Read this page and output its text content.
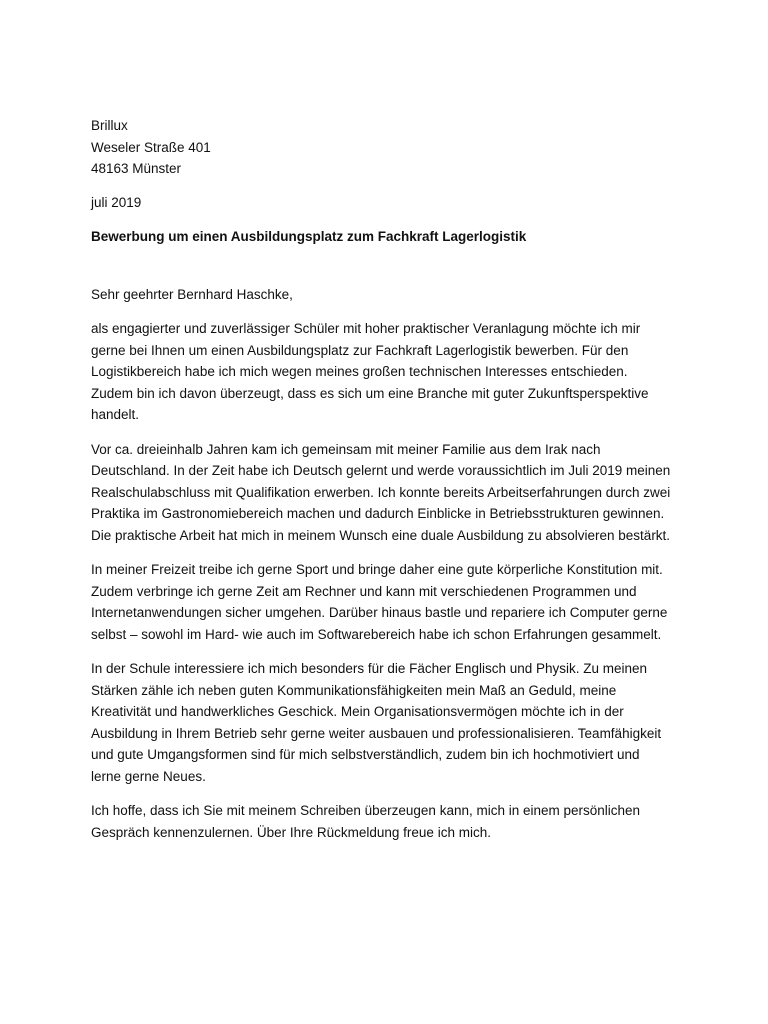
Brillux
Weseler Straße 401
48163 Münster
juli 2019
Bewerbung um einen Ausbildungsplatz zum Fachkraft Lagerlogistik
Sehr geehrter Bernhard Haschke,

als engagierter und zuverlässiger Schüler mit hoher praktischer Veranlagung möchte ich mir gerne bei Ihnen um einen Ausbildungsplatz zur Fachkraft Lagerlogistik bewerben. Für den Logistikbereich habe ich mich wegen meines großen technischen Interesses entschieden. Zudem bin ich davon überzeugt, dass es sich um eine Branche mit guter Zukunftsperspektive handelt.

Vor ca. dreieinhalb Jahren kam ich gemeinsam mit meiner Familie aus dem Irak nach Deutschland. In der Zeit habe ich Deutsch gelernt und werde voraussichtlich im Juli 2019 meinen Realschulabschluss mit Qualifikation erwerben. Ich konnte bereits Arbeitserfahrungen durch zwei Praktika im Gastronomiebereich machen und dadurch Einblicke in Betriebsstrukturen gewinnen. Die praktische Arbeit hat mich in meinem Wunsch eine duale Ausbildung zu absolvieren bestärkt.

In meiner Freizeit treibe ich gerne Sport und bringe daher eine gute körperliche Konstitution mit. Zudem verbringe ich gerne Zeit am Rechner und kann mit verschiedenen Programmen und Internetanwendungen sicher umgehen. Darüber hinaus bastle und repariere ich Computer gerne selbst – sowohl im Hard- wie auch im Softwarebereich habe ich schon Erfahrungen gesammelt.

In der Schule interessiere ich mich besonders für die Fächer Englisch und Physik. Zu meinen Stärken zähle ich neben guten Kommunikationsfähigkeiten mein Maß an Geduld, meine Kreativität und handwerkliches Geschick. Mein Organisationsvermögen möchte ich in der Ausbildung in Ihrem Betrieb sehr gerne weiter ausbauen und professionalisieren. Teamfähigkeit und gute Umgangsformen sind für mich selbstverständlich, zudem bin ich hochmotiviert und lerne gerne Neues.

Ich hoffe, dass ich Sie mit meinem Schreiben überzeugen kann, mich in einem persönlichen Gespräch kennenzulernen. Über Ihre Rückmeldung freue ich mich.
